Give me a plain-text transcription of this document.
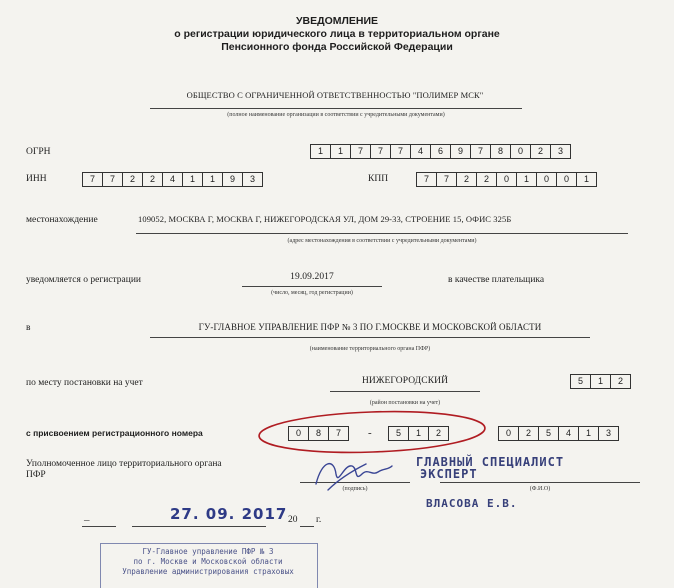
УВЕДОМЛЕНИЕ
о регистрации юридического лица в территориальном органе
Пенсионного фонда Российской Федерации
ОБЩЕСТВО С ОГРАНИЧЕННОЙ ОТВЕТСТВЕННОСТЬЮ "ПОЛИМЕР МСК"
(полное наименование организации в соответствии с учредительными документами)
ОГРН	1	1	7	7	7	4	6	9	7	8	0	2	3
ИНН	7	7	2	2	4	1	1	9	3	КПП	7	7	2	2	0	1	0	0	1
местонахождение	109052, МОСКВА Г, МОСКВА Г, НИЖЕГОРОДСКАЯ УЛ, ДОМ 29-33, СТРОЕНИЕ 15, ОФИС 325Б
(адрес местонахождения в соответствии с учредительными документами)
уведомляется о регистрации	19.09.2017
(число, месяц, год регистрации)
в качестве плательщика
в	ГУ-ГЛАВНОЕ УПРАВЛЕНИЕ ПФР № 3 ПО Г.МОСКВЕ И МОСКОВСКОЙ ОБЛАСТИ
(наименование территориального органа ПФР)
по месту постановки на учет	НИЖЕГОРОДСКИЙ
(район постановки на учет)
5	1	2
с присвоением регистрационного номера	0	8	7	-	5	1	2	0	2	5	4	1	3
Уполномоченное лицо территориального органа
ПФР
(подпись)	(Ф.И.О)
ГЛАВНЫЙ СПЕЦИАЛИСТ
ЭКСПЕРТ
ВЛАСОВА Е.В.
–	27. 09. 2017 20 г.
ГУ-Главное управление ПФР № 3
по г. Москве и Московской области
Управление администрирования страховых
